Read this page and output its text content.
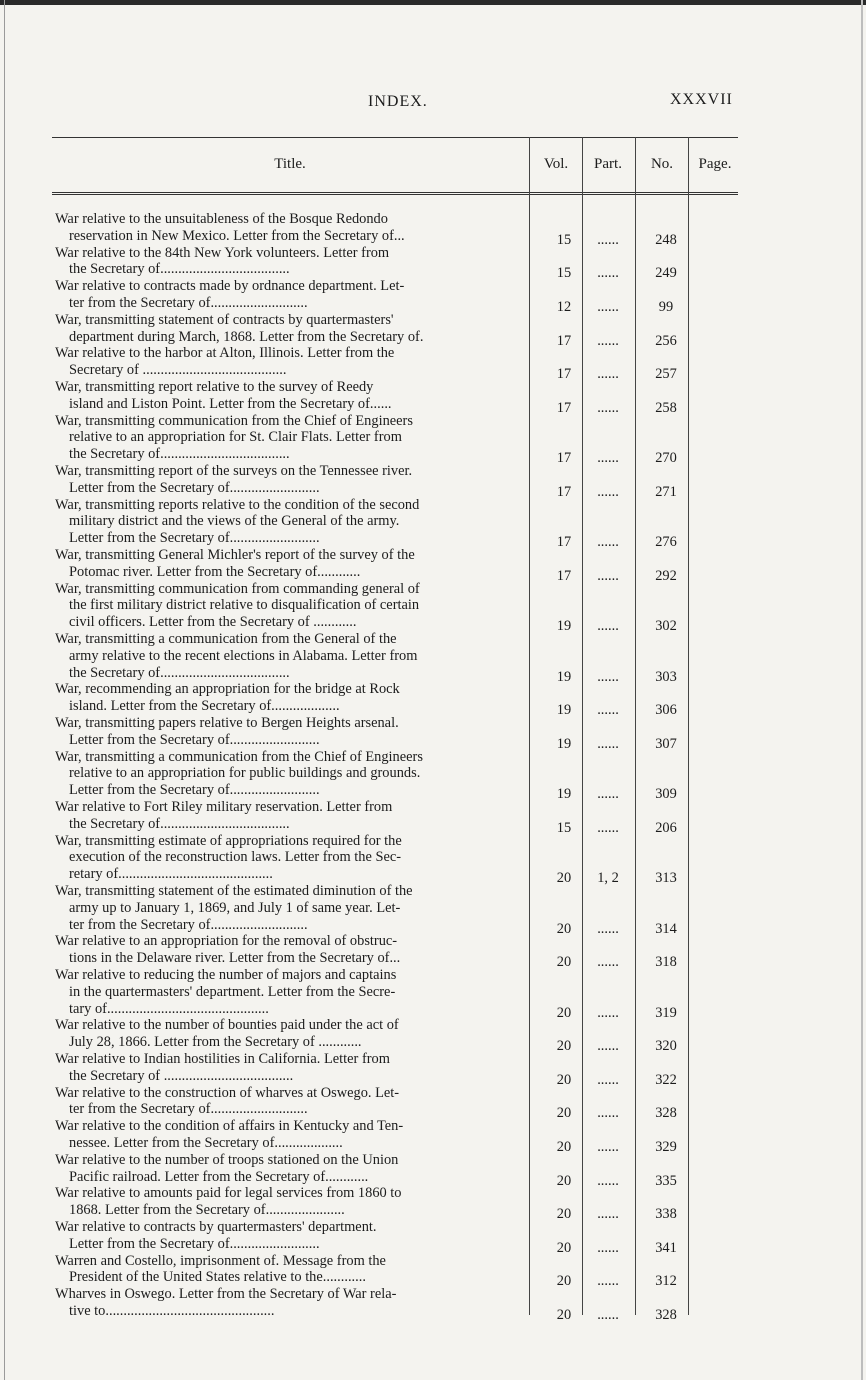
INDEX.	XXXVII
Title.	Vol.	Part.	No.	Page.
War relative to the unsuitableness of the Bosque Redondo
reservation in New Mexico. Letter from the Secretary of...	15	......	248
War relative to the 84th New York volunteers. Letter from
the Secretary of....................................	15	......	249
War relative to contracts made by ordnance department. Let-
ter from the Secretary of...........................	12	......	99
War, transmitting statement of contracts by quartermasters'
department during March, 1868. Letter from the Secretary of.	17	......	256
War relative to the harbor at Alton, Illinois. Letter from the
Secretary of ........................................	17	......	257
War, transmitting report relative to the survey of Reedy
island and Liston Point. Letter from the Secretary of......	17	......	258
War, transmitting communication from the Chief of Engineers
relative to an appropriation for St. Clair Flats. Letter from
the Secretary of....................................	17	......	270
War, transmitting report of the surveys on the Tennessee river.
Letter from the Secretary of.........................	17	......	271
War, transmitting reports relative to the condition of the second
military district and the views of the General of the army.
Letter from the Secretary of.........................	17	......	276
War, transmitting General Michler's report of the survey of the
Potomac river. Letter from the Secretary of............	17	......	292
War, transmitting communication from commanding general of
the first military district relative to disqualification of certain
civil officers. Letter from the Secretary of ............	19	......	302
War, transmitting a communication from the General of the
army relative to the recent elections in Alabama. Letter from
the Secretary of....................................	19	......	303
War, recommending an appropriation for the bridge at Rock
island. Letter from the Secretary of...................	19	......	306
War, transmitting papers relative to Bergen Heights arsenal.
Letter from the Secretary of.........................	19	......	307
War, transmitting a communication from the Chief of Engineers
relative to an appropriation for public buildings and grounds.
Letter from the Secretary of.........................	19	......	309
War relative to Fort Riley military reservation. Letter from
the Secretary of....................................	15	......	206
War, transmitting estimate of appropriations required for the
execution of the reconstruction laws. Letter from the Sec-
retary of...........................................	20	1, 2	313
War, transmitting statement of the estimated diminution of the
army up to January 1, 1869, and July 1 of same year. Let-
ter from the Secretary of...........................	20	......	314
War relative to an appropriation for the removal of obstruc-
tions in the Delaware river. Letter from the Secretary of...	20	......	318
War relative to reducing the number of majors and captains
in the quartermasters' department. Letter from the Secre-
tary of.............................................	20	......	319
War relative to the number of bounties paid under the act of
July 28, 1866. Letter from the Secretary of ............	20	......	320
War relative to Indian hostilities in California. Letter from
the Secretary of ....................................	20	......	322
War relative to the construction of wharves at Oswego. Let-
ter from the Secretary of...........................	20	......	328
War relative to the condition of affairs in Kentucky and Ten-
nessee. Letter from the Secretary of...................	20	......	329
War relative to the number of troops stationed on the Union
Pacific railroad. Letter from the Secretary of............	20	......	335
War relative to amounts paid for legal services from 1860 to
1868. Letter from the Secretary of......................	20	......	338
War relative to contracts by quartermasters' department.
Letter from the Secretary of.........................	20	......	341
Warren and Costello, imprisonment of. Message from the
President of the United States relative to the............	20	......	312
Wharves in Oswego. Letter from the Secretary of War rela-
tive to...............................................	20	......	328
